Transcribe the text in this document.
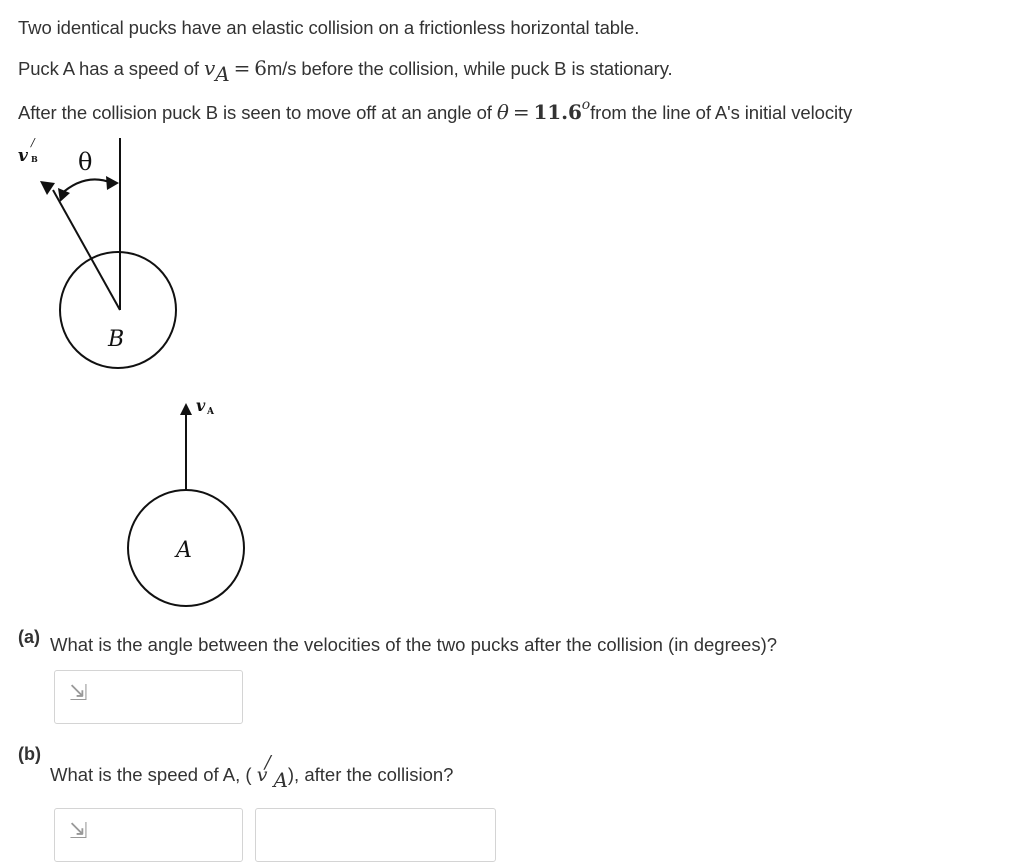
Two identical pucks have an elastic collision on a frictionless horizontal table.
Puck A has a speed of $v_A = 6m/s$ before the collision, while puck B is stationary.
After the collision puck B is seen to move off at an angle of $\theta = 11.6^ofrom$ the line of A's initial velocity
v B
/
θ
B
v A
A
(a) What is the angle between the velocities of the two pucks after the collision (in degrees)?
⇲
(b)
What is the speed of A, ( v
/
$_A$), after the collision?
⇲
